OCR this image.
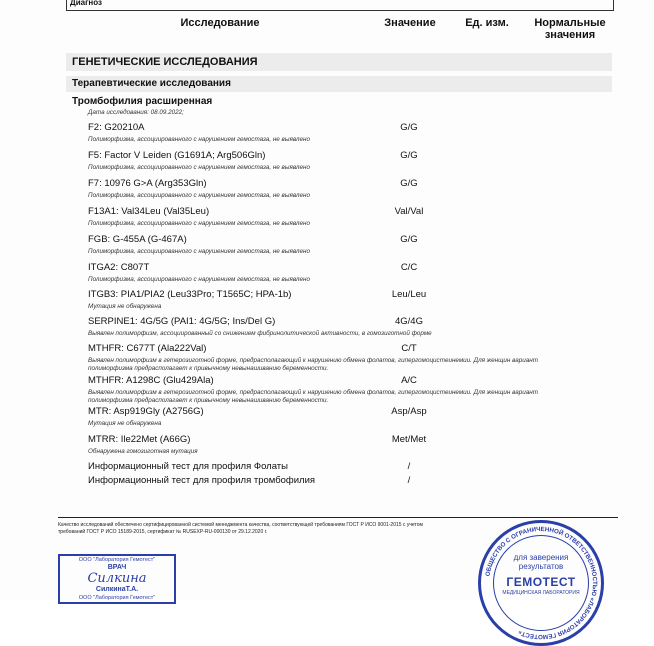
Диагноз
Исследование	Значение	Ед. изм.	Нормальные
значения
ГЕНЕТИЧЕСКИЕ ИССЛЕДОВАНИЯ
Терапевтические исследования
Тромбофилия расширенная
Дата исследования: 08.09.2022;
F2: G20210A	G/G
Полиморфизма, ассоциированного с нарушением гемостаза, не выявлено
F5: Factor V Leiden (G1691A; Arg506Gln)	G/G
Полиморфизма, ассоциированного с нарушением гемостаза, не выявлено
F7: 10976 G>A (Arg353Gln)	G/G
Полиморфизма, ассоциированного с нарушением гемостаза, не выявлено
F13A1: Val34Leu (Val35Leu)	Val/Val
Полиморфизма, ассоциированного с нарушением гемостаза, не выявлено
FGB: G-455A (G-467A)	G/G
Полиморфизма, ассоциированного с нарушением гемостаза, не выявлено
ITGA2: C807T	C/C
Полиморфизма, ассоциированного с нарушением гемостаза, не выявлено
ITGB3: PIA1/PIA2 (Leu33Pro; T1565C; HPA-1b)	Leu/Leu
Мутация не обнаружена
SERPINE1: 4G/5G (PAI1: 4G/5G; Ins/Del G)	4G/4G
Выявлен полиморфизм, ассоциированный со снижением фибринолитической активности, в гомозиготной форме
MTHFR: C677T (Ala222Val)	C/T
Выявлен полиморфизм в гетерозиготной форме, предрасполагающий к нарушению обмена фолатов, гипергомоцистеинемии. Для женщин вариант
полиморфизма предрасполагает к привычному невынашиванию беременности.
MTHFR: A1298C (Glu429Ala)	A/C
Выявлен полиморфизм в гетерозиготной форме, предрасполагающий к нарушению обмена фолатов, гипергомоцистеинемии. Для женщин вариант
полиморфизма предрасполагает к привычному невынашиванию беременности.
MTR: Asp919Gly (A2756G)	Asp/Asp
Мутация не обнаружена
MTRR: Ile22Met (A66G)	Met/Met
Обнаружена гомозиготная мутация
Информационный тест для профиля Фолаты	/
Информационный тест для профиля тромбофилия	/
Качество исследований обеспечено сертифицированной системой менеджмента качества, соответствующей требованиям ГОСТ Р ИСО 9001-2015 с учетом
требований ГОСТ Р ИСО 15189-2015, сертификат № RUSEXP-RU-000130 от 29.12.2020 г.
ООО "Лаборатория Гемотест"
ВРАЧ
Силкина
СилкинаТ.А.
ООО "Лаборатория Гемотест"
ОБЩЕСТВО С ОГРАНИЧЕННОЙ ОТВЕТСТВЕННОСТЬЮ «ЛАБОРАТОРИЯ ГЕМОТЕСТ»
для заверения
результатов
ГЕМОТЕСТ
МЕДИЦИНСКАЯ ЛАБОРАТОРИЯ
